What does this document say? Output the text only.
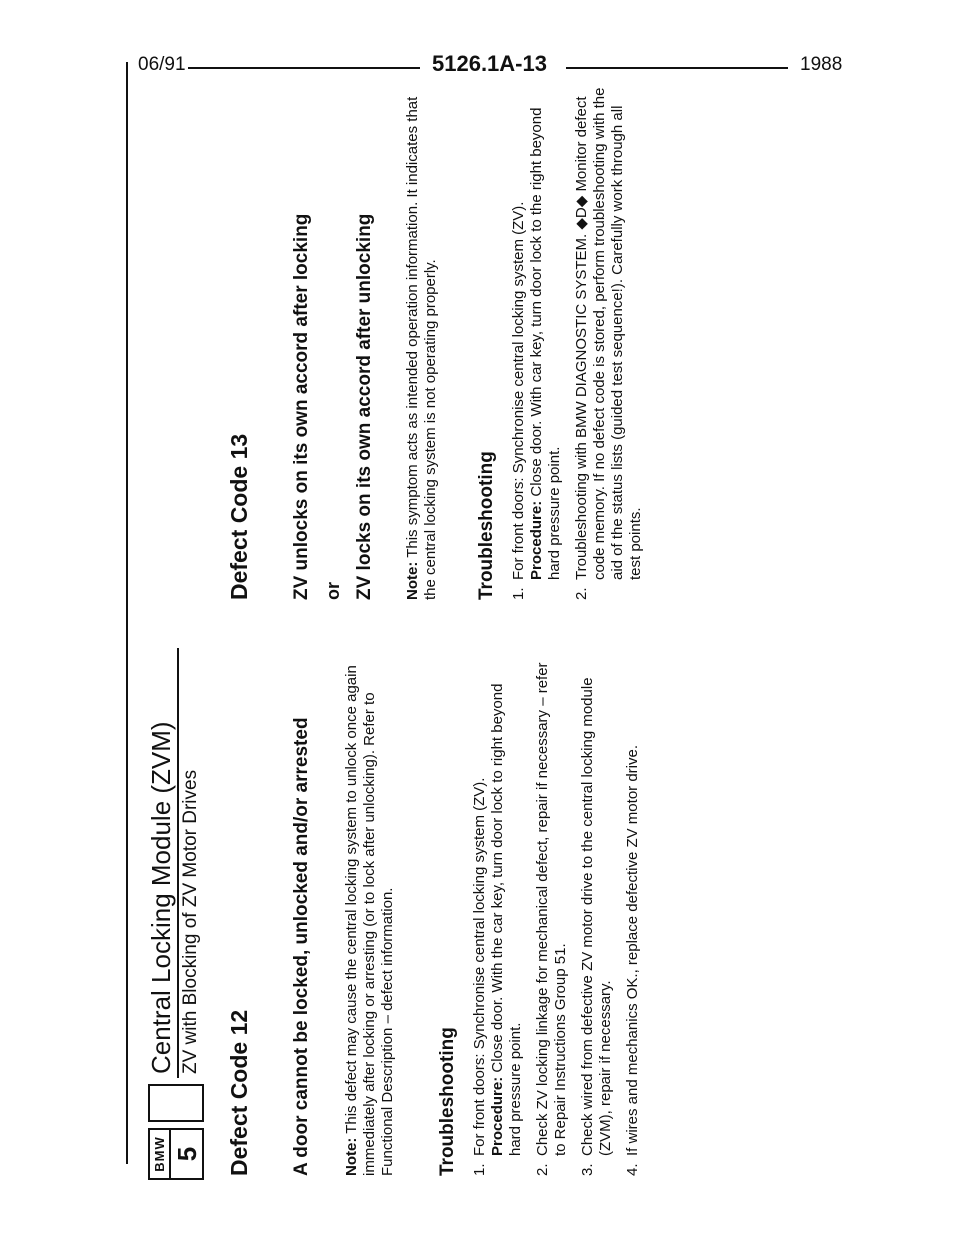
06/91	5126.1A-13	1988
BMW 5
Central Locking Module (ZVM) ZV with Blocking of ZV Motor Drives
Defect Code 12 A door cannot be locked, unlocked and/or arrested Note: This defect may cause the central locking system to unlock once again immediately after locking or arresting (or to lock after unlocking). Refer to Functional Description – defect information. Troubleshooting 1.
For front doors: Synchronise central locking system (ZV). Procedure: Close door. With the car key, turn door lock to right beyond hard pressure point.
2.
Check ZV locking linkage for mechanical defect, repair if necessary – refer to Repair Instructions Group 51.
3.
Check wired from defective ZV motor drive to the central locking module (ZVM), repair if necessary.
4.
If wires and mechanics OK., replace defective ZV motor drive.
Defect Code 13 ZV unlocks on its own accord after locking or ZV locks on its own accord after unlocking Note: This symptom acts as intended operation information. It indicates that the central locking system is not operating properly. Troubleshooting 1.
For front doors: Synchronise central locking system (ZV). Procedure: Close door. With car key, turn door lock to the right beyond hard pressure point.
2.
Troubleshooting with BMW DIAGNOSTIC SYSTEM. ◆D◆ Monitor defect code memory. If no defect code is stored, perform troubleshooting with the aid of the status lists (guided test sequence!). Carefully work through all test points.
